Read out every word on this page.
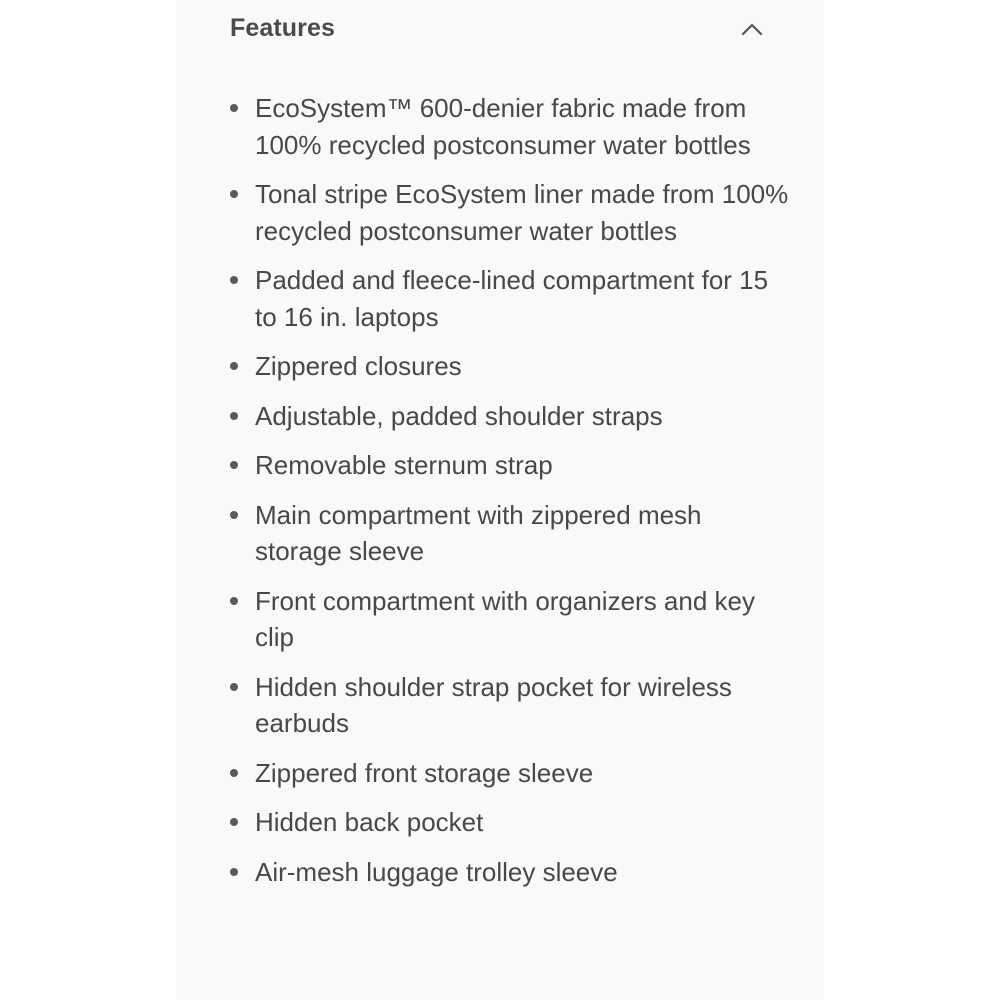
Features
EcoSystem™ 600-denier fabric made from 100% recycled postconsumer water bottles
Tonal stripe EcoSystem liner made from 100% recycled postconsumer water bottles
Padded and fleece-lined compartment for 15 to 16 in. laptops
Zippered closures
Adjustable, padded shoulder straps
Removable sternum strap
Main compartment with zippered mesh storage sleeve
Front compartment with organizers and key clip
Hidden shoulder strap pocket for wireless earbuds
Zippered front storage sleeve
Hidden back pocket
Air-mesh luggage trolley sleeve
